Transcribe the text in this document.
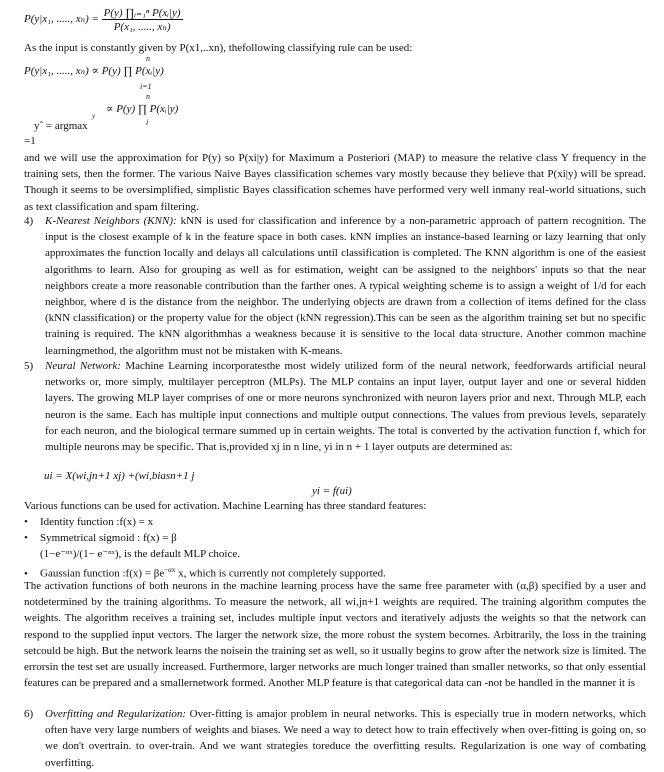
P(y|x₁, ....., $x_n) = \frac{\text{P(y) ∏ᵢ₌₁ⁿ P(xᵢ|y)}}{\text{P(x₁, ....., xₙ)}}$
As the input is constantly given by P(x1,..xn), thefollowing classifying rule can be used:
n
P(y|x₁, ....., xₙ) ∝ P(y) ∏ P(xᵢ|y)
i=1
n
y
∝ P(y) ∏ P(xᵢ|y)
i
yˆ = argmax
=1

and we will use the approximation for P(y) so P(xi|y) for Maximum a Posteriori (MAP) to measure the relative class Y frequency in the training sets, then the former. The various Naive Bayes classification schemes vary mostly because they believe that P(xi|y) will be spread. Though it seems to be oversimplified, simplistic Bayes classification schemes have performed very well inmany real-world situations, such as text classification and spam filtering.

4) K-Nearest Neighbors (KNN): kNN is used for classification and inference by a non-parametric approach of pattern recognition. The input is the closest example of k in the feature space in both cases. kNN implies an instance-based learning or lazy learning that only approximates the function locally and delays all calculations until classification is completed. The KNN algorithm is one of the easiest algorithms to learn. Also for grouping as well as for estimation, weight can be assigned to the neighbors' inputs so that the near neighbors create a more reasonable contribution than the farther ones. A typical weighting scheme is to assign a weight of 1/d for each neighbor, where d is the distance from the neighbor. The underlying objects are drawn from a collection of items defined for the class (kNN classification) or the property value for the object (kNN regression).This can be seen as the algorithm training set but no specific training is required. The kNN algorithmhas a weakness because it is sensitive to the local data structure. Another common machine learningmethod, the algorithm must not be mistaken with K-means.

5) Neural Network: Machine Learning incorporatesthe most widely utilized form of the neural network, feedforwards artificial neural networks or, more simply, multilayer perceptron (MLPs). The MLP contains an input layer, output layer and one or several hidden layers. The growing MLP layer comprises of one or more neurons synchronized with neuron layers prior and next. Through MLP, each neuron is the same. Each has multiple input connections and multiple output connections. The values from previous levels, separately for each neuron, and the biological termare summed up in certain weights. The total is converted by the activation function f, which for multiple neurons may be specific. That is,provided xj in n line, yi in n + 1 layer outputs are determined as:

ui = X(wi,jn+1 xj) +(wi,biasn+1 j
yi = f(ui)
Various functions can be used for activation. Machine Learning has three standard features:
• Identity function :f(x) = x
• Symmetrical sigmoid : f(x) = β
(1−e⁻ᵅˣ)/(1− e⁻ᵅˣ), is the default MLP choice.
• Gaussian function :f(x) = $\beta e^{-\alpha x}$ x, which is currently not completely supported.

The activation functions of both neurons in the machine learning process have the same free parameter with (α,β) specified by a user and notdetermined by the training algorithms. To measure the network, all wi,jn+1 weights are required. The training algorithm computes the weights. The algorithm receives a training set, includes multiple input vectors and iteratively adjusts the weights so that the network can respond to the supplied input vectors. The larger the network size, the more robust the system becomes. Arbitrarily, the loss in the training setcould be high. But the network learns the noisein the training set as well, so it usually begins to grow after the network size is limited. The errorsin the test set are usually increased. Furthermore, larger networks are much longer trained than smaller networks, so that only essential features can be prepared and a smallernetwork formed. Another MLP feature is that categorical data can -not be handled in the manner it is

6) Overfitting and Regularization: Over-fitting is amajor problem in neural networks. This is especially true in modern networks, which often have very large numbers of weights and biases. We need a way to detect how to train effectively when over-fitting is going on, so we don't overtrain. to over-train. And we want strategies toreduce the overfitting results. Regularization is one way of combating overfitting.
